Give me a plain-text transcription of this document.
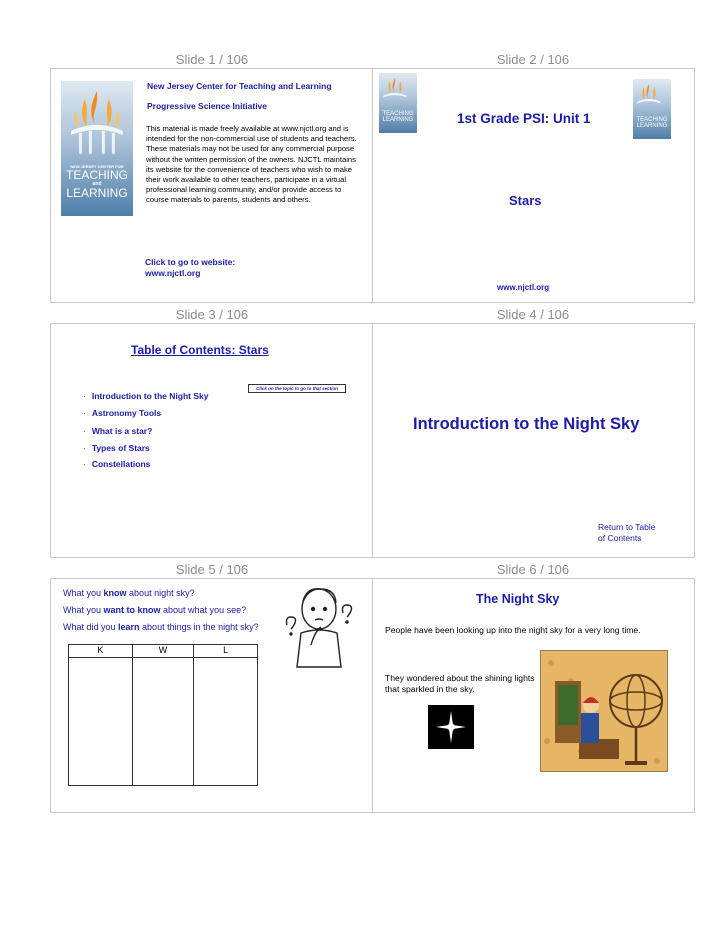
Slide 1 / 106	Slide 2 / 106
Slide 3 / 106	Slide 4 / 106
Slide 5 / 106	Slide 6 / 106
NEW JERSEY CENTER FOR
TEACHING
and
LEARNING
New Jersey Center for Teaching and Learning
Progressive Science Initiative
This material is made freely available at www.njctl.org and is intended for the non-commercial use of students and teachers. These materials may not be used for any commercial purpose without the written permission of the owners. NJCTL maintains its website for the convenience of teachers who wish to make their work available to other teachers, participate in a virtual professional learning community, and/or provide access to course materials to parents, students and others.
Click to go to website:
www.njctl.org
TEACHING
LEARNING	TEACHING
LEARNING
1st Grade PSI: Unit 1
Stars
www.njctl.org
Table of Contents: Stars
Click on the topic to go to that section
· Introduction to the Night Sky
· Astronomy Tools
· What is a star?
· Types of Stars
· Constellations
Introduction to the Night Sky
Return to Table
of Contents
What you know about night sky?
What you want to know about what you see?
What did you learn about things in the night sky?
K	W	L

The Night Sky
People have been looking up into the night sky for a very long time.
They wondered about the shining lights that sparkled in the sky.
